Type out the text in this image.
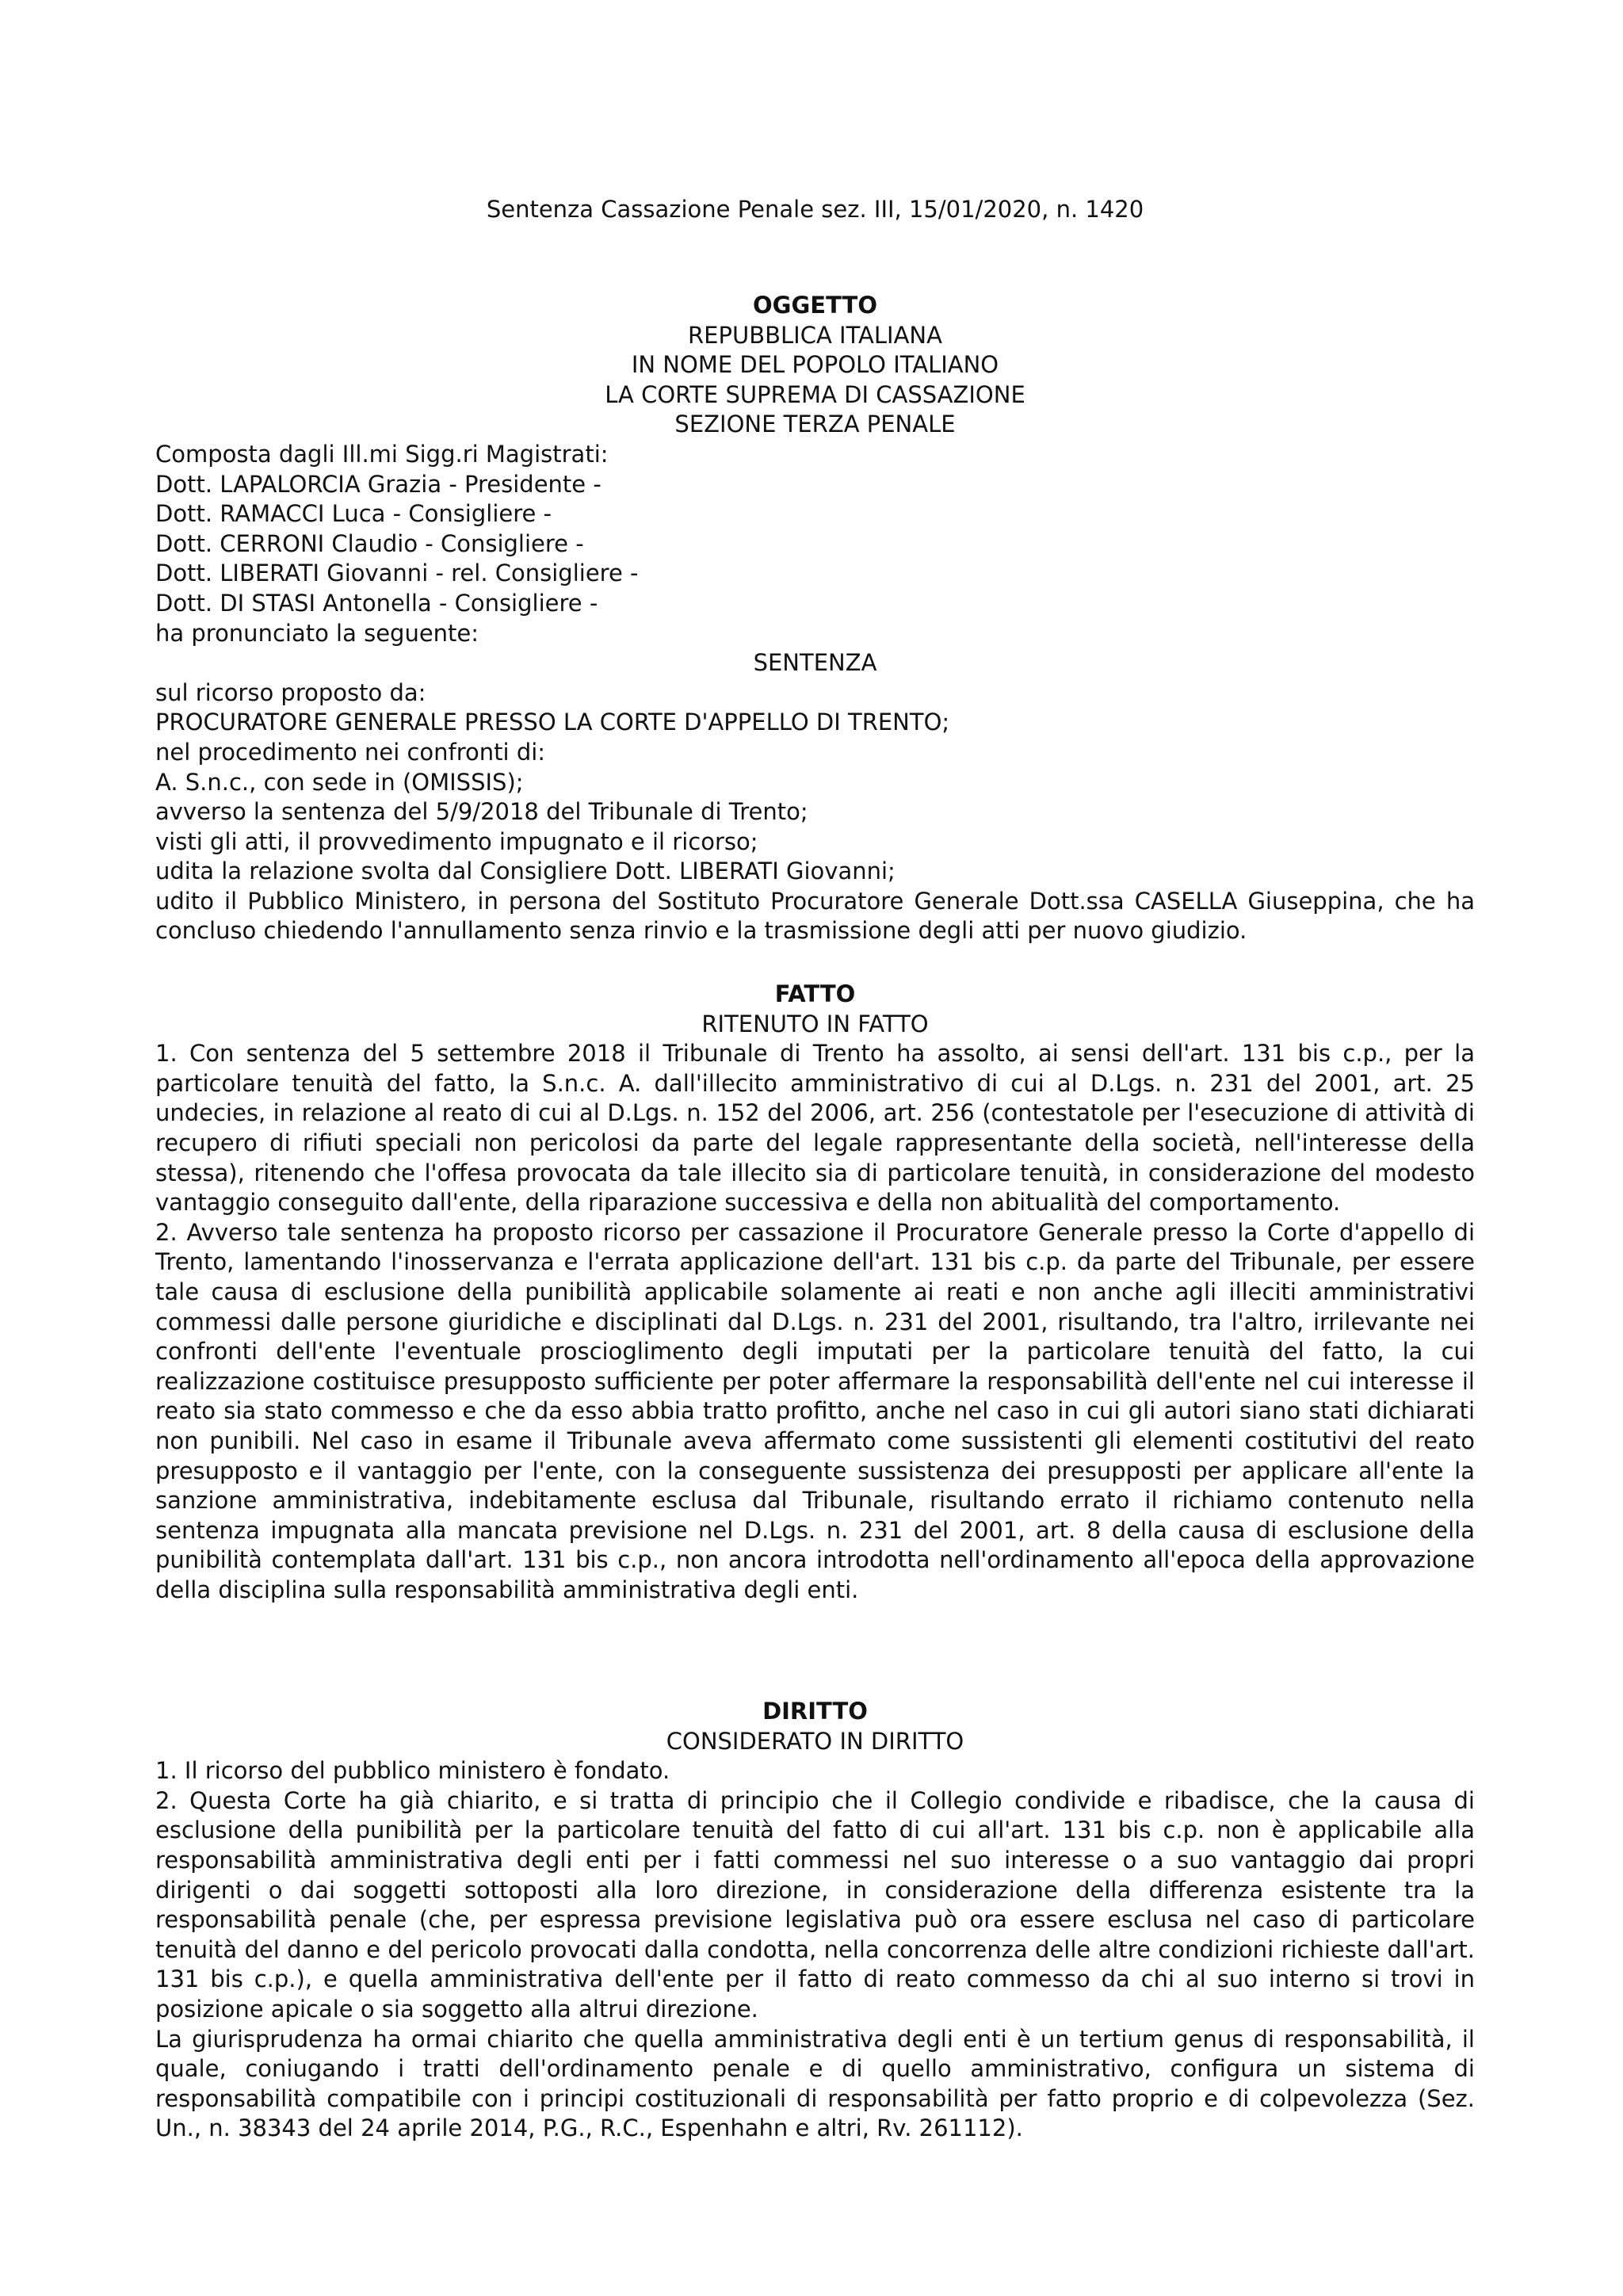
Sentenza Cassazione Penale sez. III, 15/01/2020, n. 1420
OGGETTO
REPUBBLICA ITALIANA
IN NOME DEL POPOLO ITALIANO
LA CORTE SUPREMA DI CASSAZIONE
SEZIONE TERZA PENALE
Composta dagli Ill.mi Sigg.ri Magistrati:
Dott. LAPALORCIA Grazia - Presidente -
Dott. RAMACCI Luca - Consigliere -
Dott. CERRONI Claudio - Consigliere -
Dott. LIBERATI Giovanni - rel. Consigliere -
Dott. DI STASI Antonella - Consigliere -
ha pronunciato la seguente:
SENTENZA
sul ricorso proposto da:
PROCURATORE GENERALE PRESSO LA CORTE D'APPELLO DI TRENTO;
nel procedimento nei confronti di:
A. S.n.c., con sede in (OMISSIS);
avverso la sentenza del 5/9/2018 del Tribunale di Trento;
visti gli atti, il provvedimento impugnato e il ricorso;
udita la relazione svolta dal Consigliere Dott. LIBERATI Giovanni;

udito il Pubblico Ministero, in persona del Sostituto Procuratore Generale Dott.ssa CASELLA Giuseppina, che ha concluso chiedendo l'annullamento senza rinvio e la trasmissione degli atti per nuovo giudizio.

FATTO
RITENUTO IN FATTO

1. Con sentenza del 5 settembre 2018 il Tribunale di Trento ha assolto, ai sensi dell'art. 131 bis c.p., per la particolare tenuità del fatto, la S.n.c. A. dall'illecito amministrativo di cui al D.Lgs. n. 231 del 2001, art. 25 undecies, in relazione al reato di cui al D.Lgs. n. 152 del 2006, art. 256 (contestatole per l'esecuzione di attività di recupero di rifiuti speciali non pericolosi da parte del legale rappresentante della società, nell'interesse della stessa), ritenendo che l'offesa provocata da tale illecito sia di particolare tenuità, in considerazione del modesto vantaggio conseguito dall'ente, della riparazione successiva e della non abitualità del comportamento.

2. Avverso tale sentenza ha proposto ricorso per cassazione il Procuratore Generale presso la Corte d'appello di Trento, lamentando l'inosservanza e l'errata applicazione dell'art. 131 bis c.p. da parte del Tribunale, per essere tale causa di esclusione della punibilità applicabile solamente ai reati e non anche agli illeciti amministrativi commessi dalle persone giuridiche e disciplinati dal D.Lgs. n. 231 del 2001, risultando, tra l'altro, irrilevante nei confronti dell'ente l'eventuale proscioglimento degli imputati per la particolare tenuità del fatto, la cui realizzazione costituisce presupposto sufficiente per poter affermare la responsabilità dell'ente nel cui interesse il reato sia stato commesso e che da esso abbia tratto profitto, anche nel caso in cui gli autori siano stati dichiarati non punibili. Nel caso in esame il Tribunale aveva affermato come sussistenti gli elementi costitutivi del reato presupposto e il vantaggio per l'ente, con la conseguente sussistenza dei presupposti per applicare all'ente la sanzione amministrativa, indebitamente esclusa dal Tribunale, risultando errato il richiamo contenuto nella sentenza impugnata alla mancata previsione nel D.Lgs. n. 231 del 2001, art. 8 della causa di esclusione della punibilità contemplata dall'art. 131 bis c.p., non ancora introdotta nell'ordinamento all'epoca della approvazione della disciplina sulla responsabilità amministrativa degli enti.

DIRITTO
CONSIDERATO IN DIRITTO

1. Il ricorso del pubblico ministero è fondato.

2. Questa Corte ha già chiarito, e si tratta di principio che il Collegio condivide e ribadisce, che la causa di esclusione della punibilità per la particolare tenuità del fatto di cui all'art. 131 bis c.p. non è applicabile alla responsabilità amministrativa degli enti per i fatti commessi nel suo interesse o a suo vantaggio dai propri dirigenti o dai soggetti sottoposti alla loro direzione, in considerazione della differenza esistente tra la responsabilità penale (che, per espressa previsione legislativa può ora essere esclusa nel caso di particolare tenuità del danno e del pericolo provocati dalla condotta, nella concorrenza delle altre condizioni richieste dall'art. 131 bis c.p.), e quella amministrativa dell'ente per il fatto di reato commesso da chi al suo interno si trovi in posizione apicale o sia soggetto alla altrui direzione.

La giurisprudenza ha ormai chiarito che quella amministrativa degli enti è un tertium genus di responsabilità, il quale, coniugando i tratti dell'ordinamento penale e di quello amministrativo, configura un sistema di responsabilità compatibile con i principi costituzionali di responsabilità per fatto proprio e di colpevolezza (Sez. Un., n. 38343 del 24 aprile 2014, P.G., R.C., Espenhahn e altri, Rv. 261112).
